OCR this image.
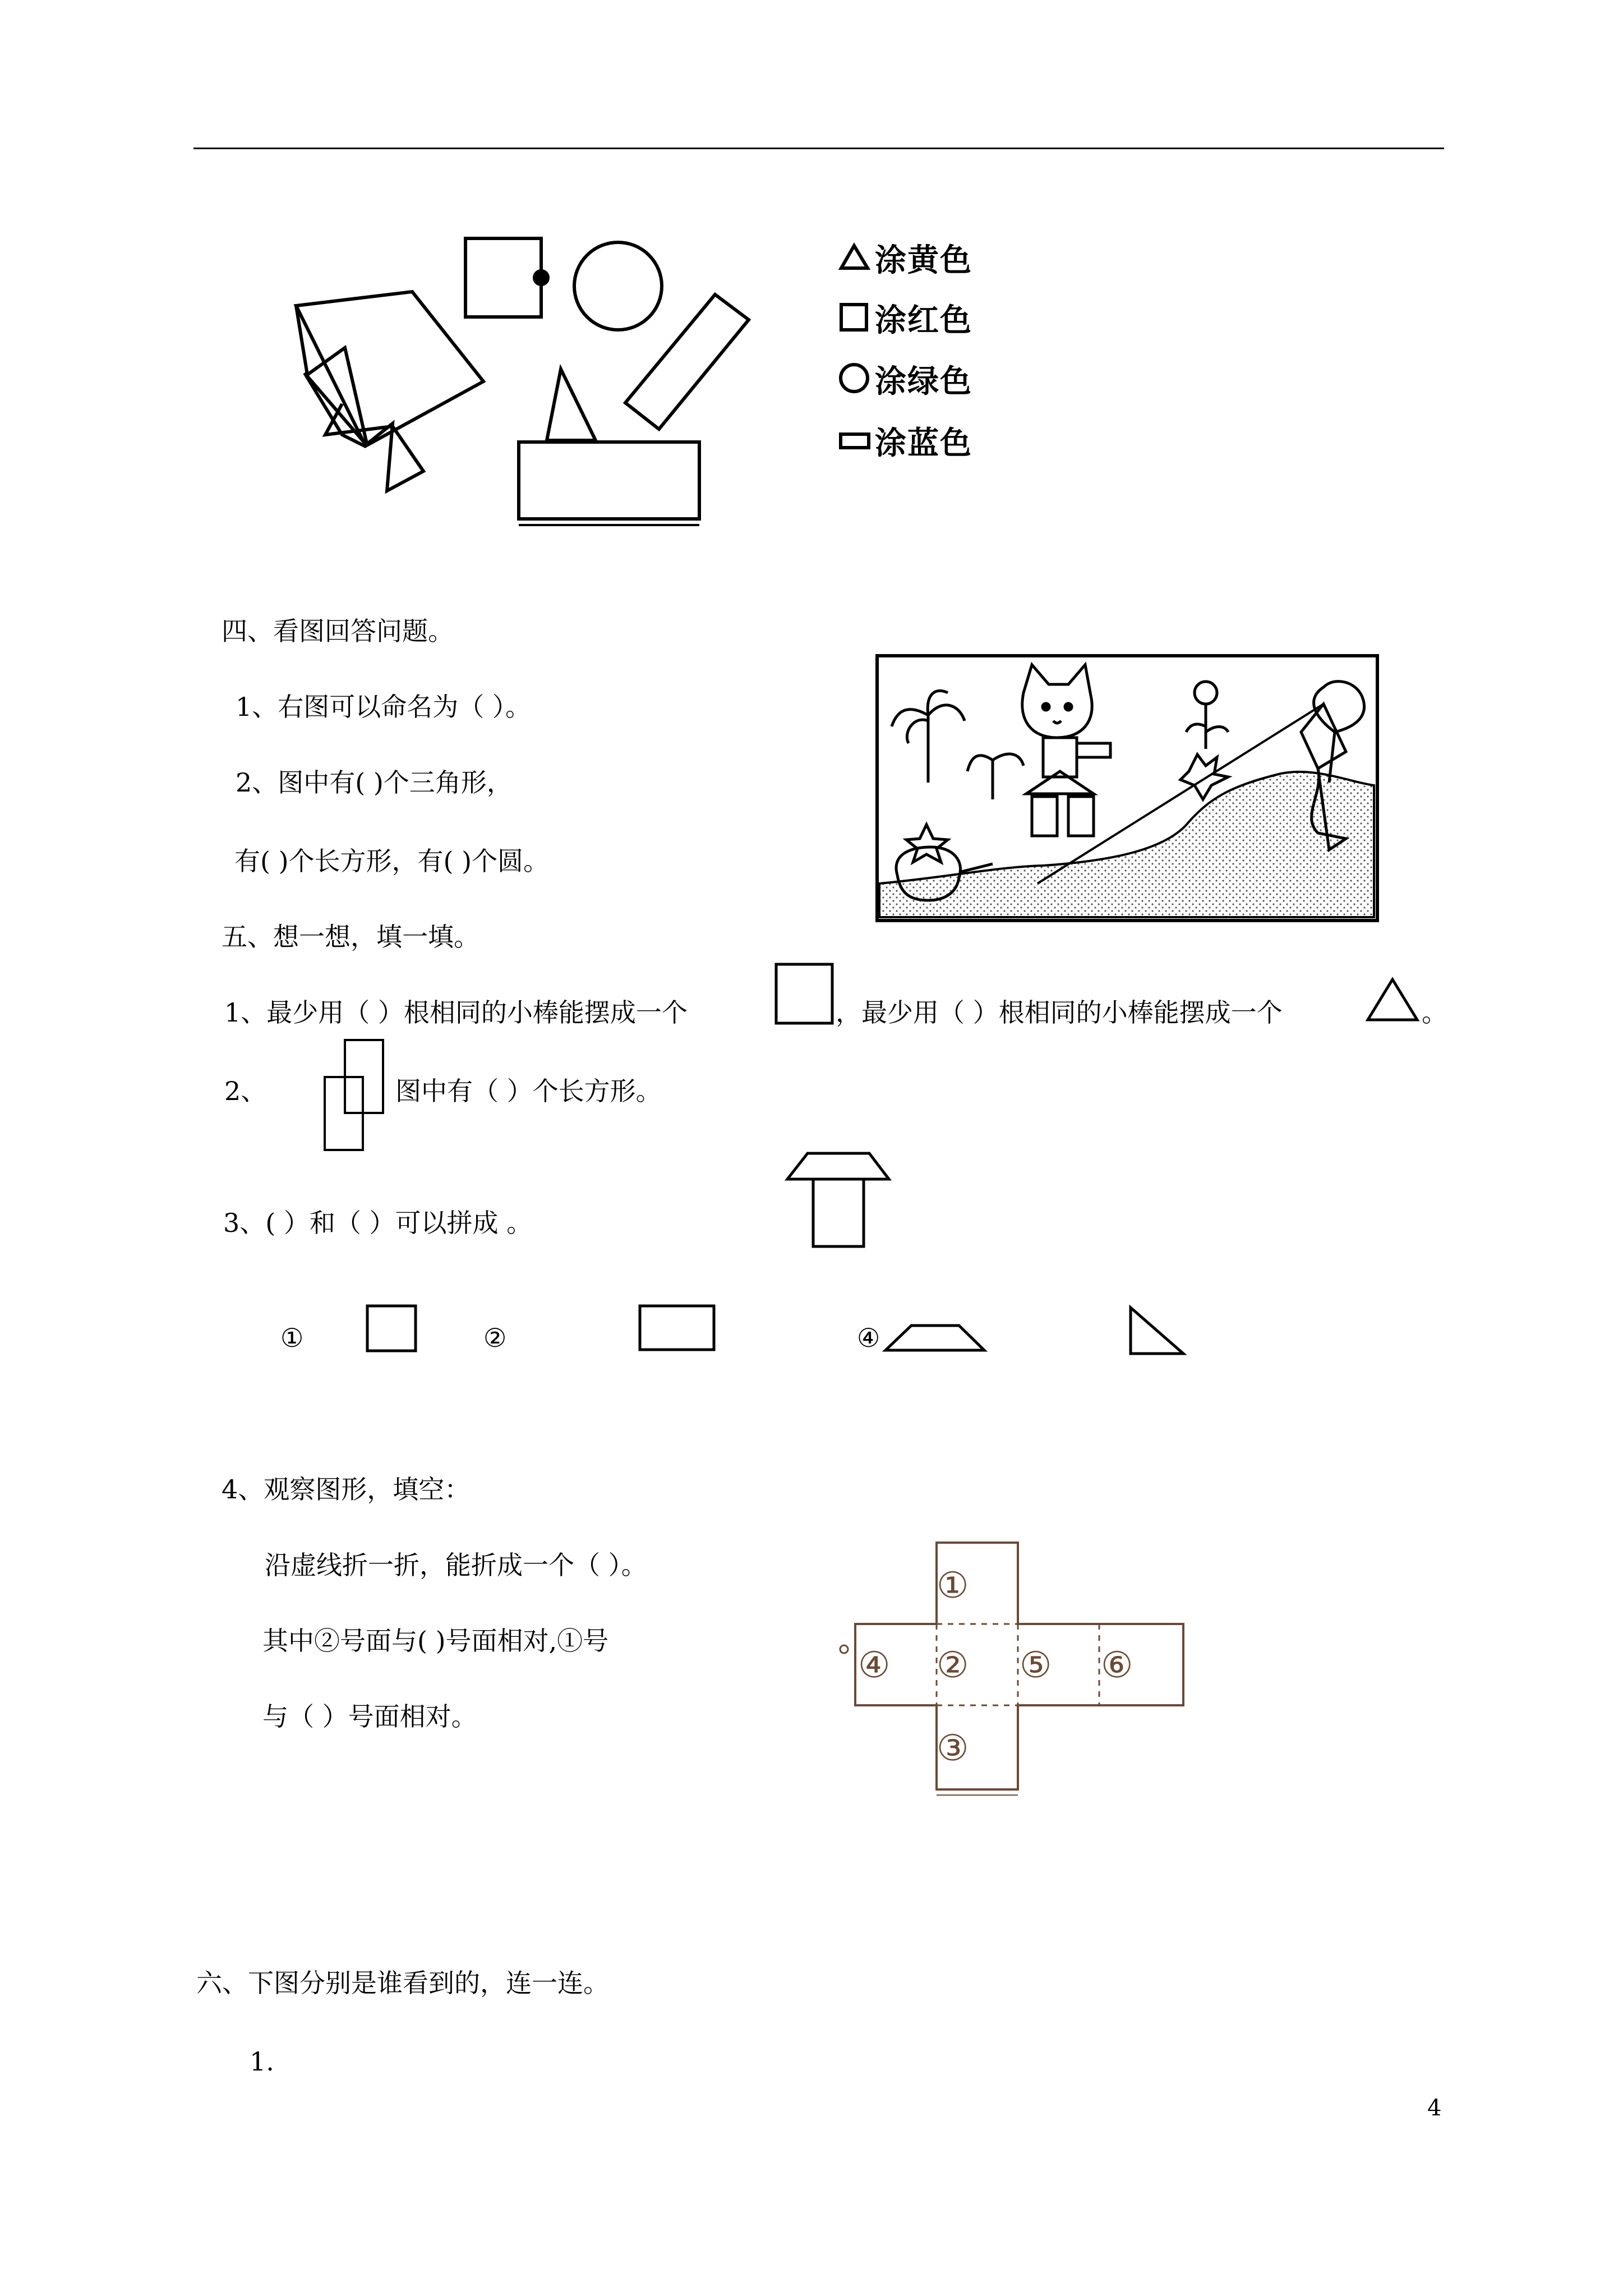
涂黄色
涂红色
涂绿色
涂蓝色
四、看图回答问题。
1、右图可以命名为（ ）。
2、图中有( )个三角形，
有( )个长方形，有( )个圆。
五、想一想，填一填。
1、最少用（ ）根相同的小棒能摆成一个	，最少用（ ）根相同的小棒能摆成一个	。
2、	图中有（ ）个长方形。
3、( ）和（ ）可以拼成 。
①	②	④
4、观察图形，填空：
沿虚线折一折，能折成一个（ ）。
其中②号面与( )号面相对,①号
与（ ）号面相对。
①
④ ② ⑤ ⑥
③
六、下图分别是谁看到的，连一连。
1.
4
